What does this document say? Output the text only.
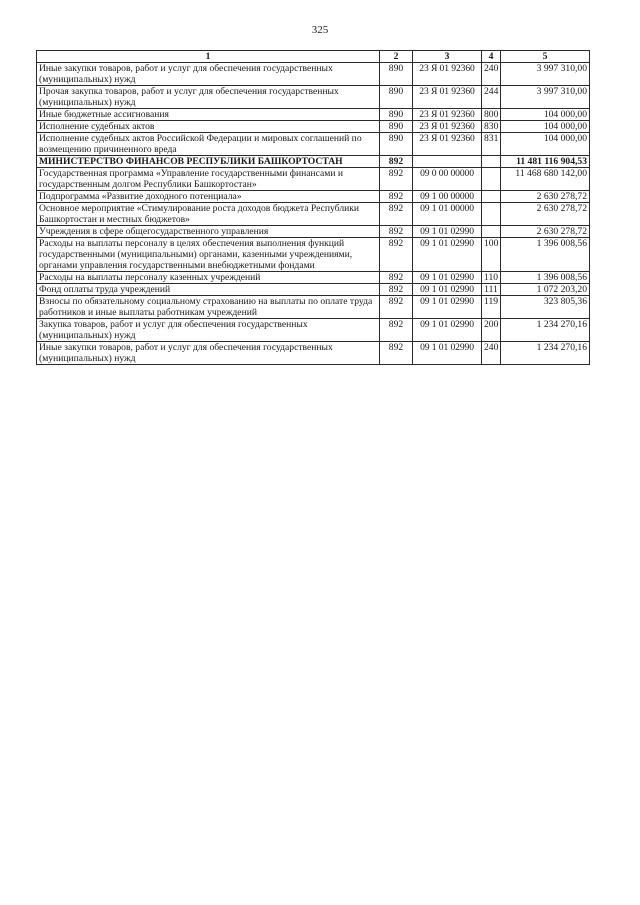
325
1	2	3	4	5
Иные закупки товаров, работ и услуг для обеспечения государственных (муниципальных) нужд	890	23 Я 01 92360	240	3 997 310,00
Прочая закупка товаров, работ и услуг для обеспечения государственных (муниципальных) нужд	890	23 Я 01 92360	244	3 997 310,00
Иные бюджетные ассигнования	890	23 Я 01 92360	800	104 000,00
Исполнение судебных актов	890	23 Я 01 92360	830	104 000,00
Исполнение судебных актов Российской Федерации и мировых соглашений по возмещению причиненного вреда	890	23 Я 01 92360	831	104 000,00
МИНИСТЕРСТВО ФИНАНСОВ РЕСПУБЛИКИ БАШКОРТОСТАН	892			11 481 116 904,53
Государственная программа «Управление государственными финансами и государственным долгом Республики Башкортостан»	892	09 0 00 00000		11 468 680 142,00
Подпрограмма «Развитие доходного потенциала»	892	09 1 00 00000		2 630 278,72
Основное мероприятие «Стимулирование роста доходов бюджета Республики Башкортостан и местных бюджетов»	892	09 1 01 00000		2 630 278,72
Учреждения в сфере общегосударственного управления	892	09 1 01 02990		2 630 278,72
Расходы на выплаты персоналу в целях обеспечения выполнения функций государственными (муниципальными) органами, казенными учреждениями, органами управления государственными внебюджетными фондами	892	09 1 01 02990	100	1 396 008,56
Расходы на выплаты персоналу казенных учреждений	892	09 1 01 02990	110	1 396 008,56
Фонд оплаты труда учреждений	892	09 1 01 02990	111	1 072 203,20
Взносы по обязательному социальному страхованию на выплаты по оплате труда работников и иные выплаты работникам учреждений	892	09 1 01 02990	119	323 805,36
Закупка товаров, работ и услуг для обеспечения государственных (муниципальных) нужд	892	09 1 01 02990	200	1 234 270,16
Иные закупки товаров, работ и услуг для обеспечения государственных (муниципальных) нужд	892	09 1 01 02990	240	1 234 270,16
